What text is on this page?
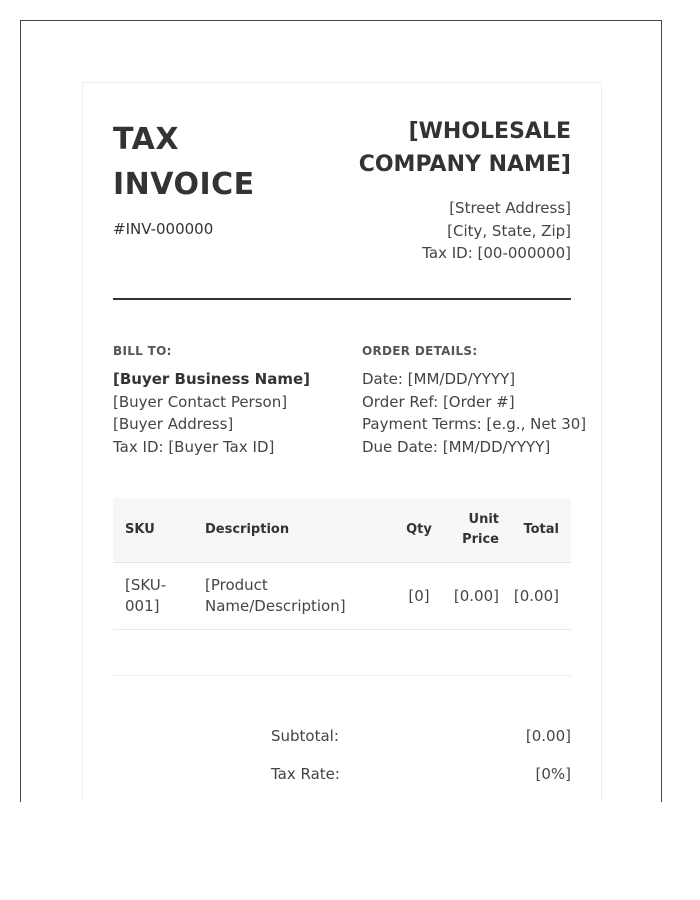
TAX INVOICE
#INV-000000
[WHOLESALE COMPANY NAME]
[Street Address]
[City, State, Zip]
Tax ID: [00-000000]
BILL TO:
[Buyer Business Name]
[Buyer Contact Person]
[Buyer Address]
Tax ID: [Buyer Tax ID]
ORDER DETAILS:
Date: [MM/DD/YYYY]
Order Ref: [Order #]
Payment Terms: [e.g., Net 30]
Due Date: [MM/DD/YYYY]
SKU	Description	Qty	Unit Price	Total
[SKU-001]	[Product Name/Description]	[0]	[0.00]	[0.00]
Subtotal:	[0.00]
Tax Rate:	[0%]
